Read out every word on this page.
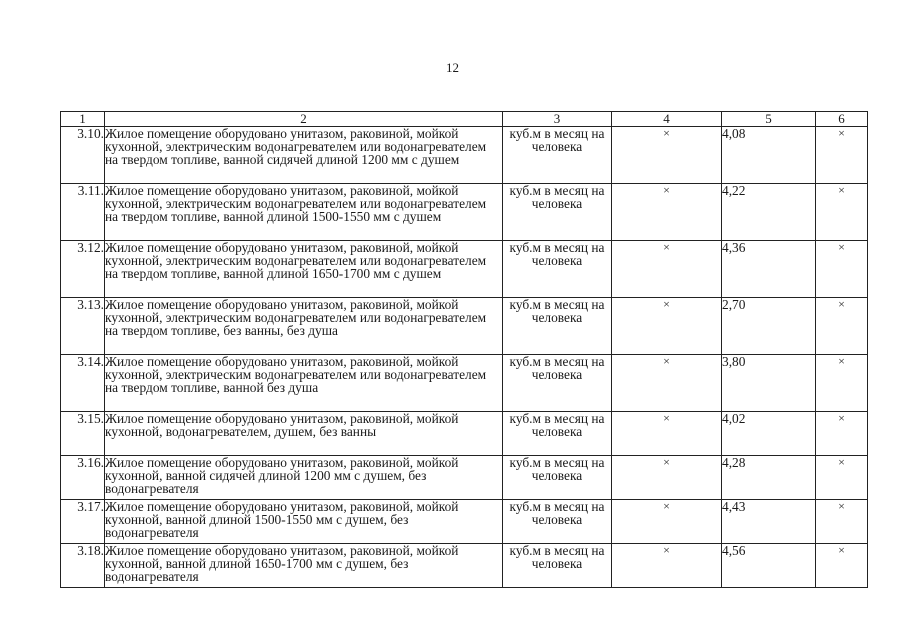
12
1	2	3	4	5	6
3.10.	Жилое помещение оборудовано унитазом, раковиной, мойкой кухонной, электрическим водонагревателем или водонагревателем на твердом топливе, ванной сидячей длиной 1200 мм с душем	куб.м в месяц на человека	×	4,08	×
3.11.	Жилое помещение оборудовано унитазом, раковиной, мойкой кухонной, электрическим водонагревателем или водонагревателем на твердом топливе, ванной длиной 1500-1550 мм с душем	куб.м в месяц на человека	×	4,22	×
3.12.	Жилое помещение оборудовано унитазом, раковиной, мойкой кухонной, электрическим водонагревателем или водонагревателем на твердом топливе, ванной длиной 1650-1700 мм с душем	куб.м в месяц на человека	×	4,36	×
3.13.	Жилое помещение оборудовано унитазом, раковиной, мойкой кухонной, электрическим водонагревателем или водонагревателем на твердом топливе, без ванны, без душа	куб.м в месяц на человека	×	2,70	×
3.14.	Жилое помещение оборудовано унитазом, раковиной, мойкой кухонной, электрическим водонагревателем или водонагревателем на твердом топливе, ванной без душа	куб.м в месяц на человека	×	3,80	×
3.15.	Жилое помещение оборудовано унитазом, раковиной, мойкой кухонной, водонагревателем, душем, без ванны	куб.м в месяц на человека	×	4,02	×
3.16.	Жилое помещение оборудовано унитазом, раковиной, мойкой кухонной, ванной сидячей длиной 1200 мм с душем, без водонагревателя	куб.м в месяц на человека	×	4,28	×
3.17.	Жилое помещение оборудовано унитазом, раковиной, мойкой кухонной, ванной длиной 1500-1550 мм с душем, без водонагревателя	куб.м в месяц на человека	×	4,43	×
3.18.	Жилое помещение оборудовано унитазом, раковиной, мойкой кухонной, ванной длиной 1650-1700 мм с душем, без водонагревателя	куб.м в месяц на человека	×	4,56	×
